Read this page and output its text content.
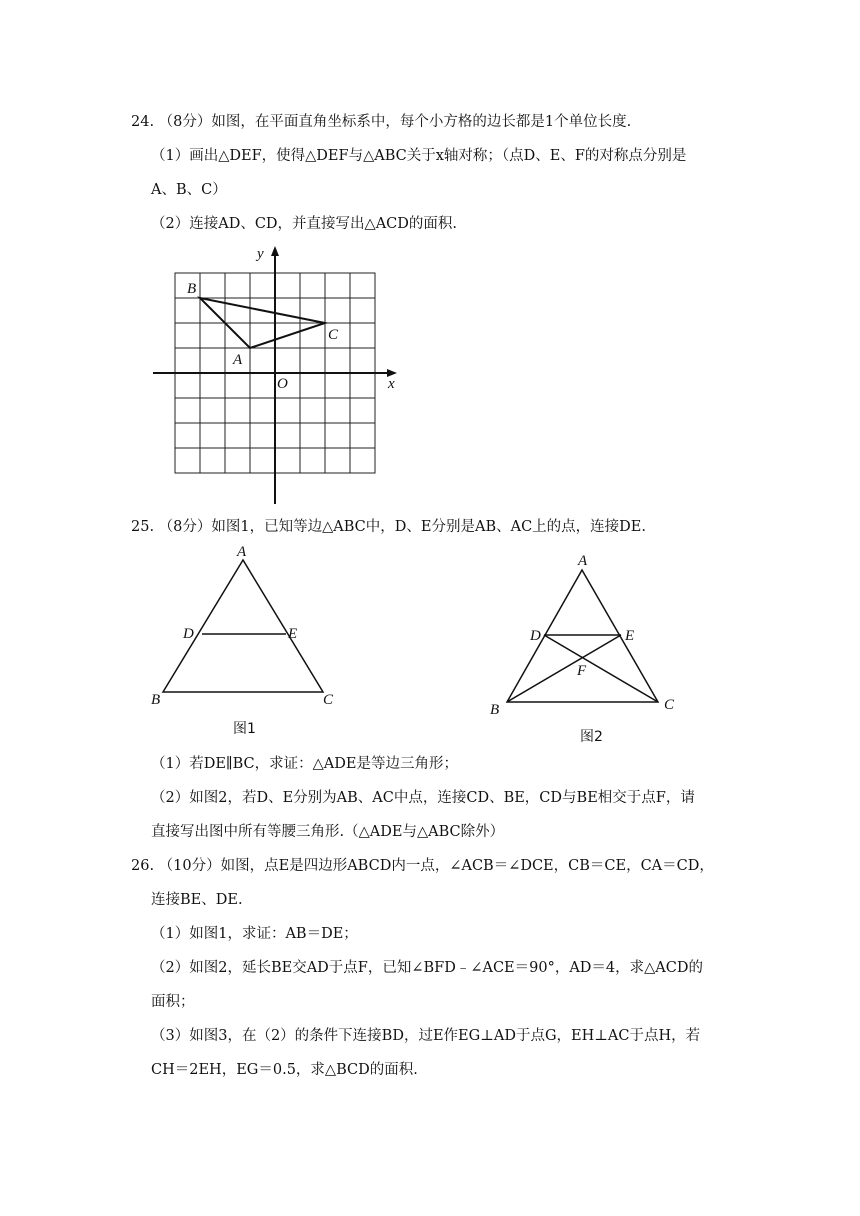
24. （8分）如图，在平面直角坐标系中，每个小方格的边长都是1个单位长度.
（1）画出△DEF，使得△DEF与△ABC关于x轴对称；（点D、E、F的对称点分别是
A、B、C）
（2）连接AD、CD，并直接写出△ACD的面积.
x
y
O
B
C
A
25. （8分）如图1，已知等边△ABC中，D、E分别是AB、AC上的点，连接DE.
A
D	E
B	C
图1
A
D	E
F
B	C
图2
（1）若DE∥BC，求证：△ADE是等边三角形；
（2）如图2，若D、E分别为AB、AC中点，连接CD、BE，CD与BE相交于点F，请
直接写出图中所有等腰三角形.（△ADE与△ABC除外）
26. （10分）如图，点E是四边形ABCD内一点，∠ACB＝∠DCE，CB＝CE，CA＝CD，
连接BE、DE.
（1）如图1，求证：AB＝DE；
（2）如图2，延长BE交AD于点F，已知∠BFD﹣∠ACE＝90°，AD＝4，求△ACD的
面积；
（3）如图3，在（2）的条件下连接BD，过E作EG⊥AD于点G，EH⊥AC于点H，若
CH＝2EH，EG＝0.5，求△BCD的面积.
